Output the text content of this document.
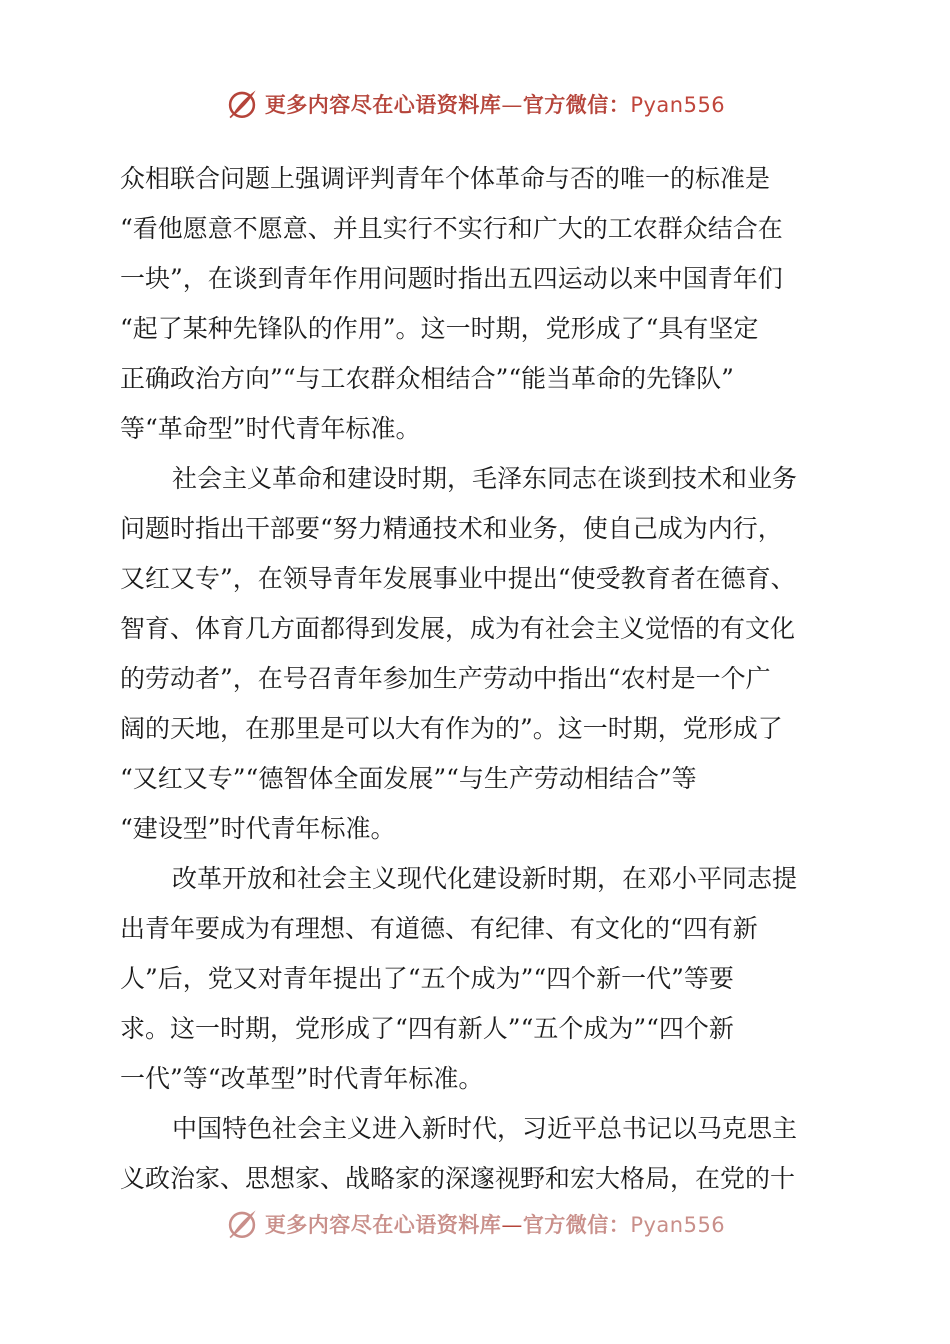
更多内容尽在心语资料库—官方微信：Pyan556
众相联合问题上强调评判青年个体革命与否的唯一的标准是
“看他愿意不愿意、并且实行不实行和广大的工农群众结合在
一块”，在谈到青年作用问题时指出五四运动以来中国青年们
“起了某种先锋队的作用”。这一时期，党形成了“具有坚定
正确政治方向”“与工农群众相结合”“能当革命的先锋队”
等“革命型”时代青年标准。
社会主义革命和建设时期，毛泽东同志在谈到技术和业务
问题时指出干部要“努力精通技术和业务，使自己成为内行，
又红又专”，在领导青年发展事业中提出“使受教育者在德育、
智育、体育几方面都得到发展，成为有社会主义觉悟的有文化
的劳动者”，在号召青年参加生产劳动中指出“农村是一个广
阔的天地，在那里是可以大有作为的”。这一时期，党形成了
“又红又专”“德智体全面发展”“与生产劳动相结合”等
“建设型”时代青年标准。
改革开放和社会主义现代化建设新时期，在邓小平同志提
出青年要成为有理想、有道德、有纪律、有文化的“四有新
人”后，党又对青年提出了“五个成为”“四个新一代”等要
求。这一时期，党形成了“四有新人”“五个成为”“四个新
一代”等“改革型”时代青年标准。
中国特色社会主义进入新时代，习近平总书记以马克思主
义政治家、思想家、战略家的深邃视野和宏大格局，在党的十
更多内容尽在心语资料库—官方微信：Pyan556
